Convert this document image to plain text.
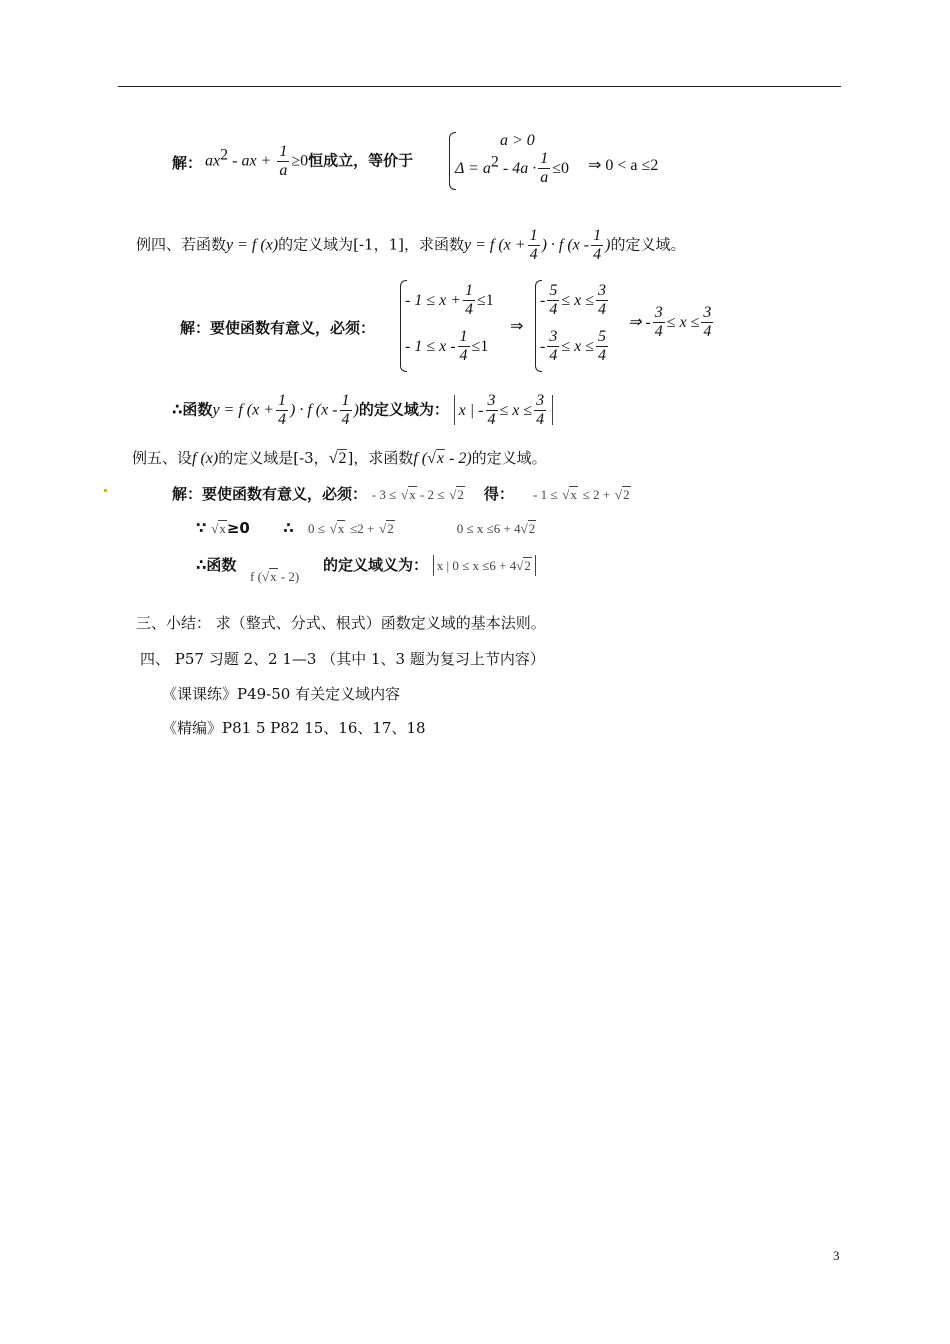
解： $ax^2$ - ax + $\frac{1}{a} \ge 0$恒成立，等价于
a > 0
$\Delta = a^2 - 4a \cdot \frac{1}{a} \le 0$ ⇒ 0 < a ≤2
例四、若函数y = f (x)的定义域为[-1，1]，求函数y = f ($x + \frac{1}{4}$ ) · f ($x - \frac{1}{4}$ )的定义域。
解：要使函数有意义，必须：
- $1 \le x + \frac{1}{4} \le 1$
- $1 \le x - \frac{1}{4} \le 1$
⇒
- $\frac{5}{4} \le x \le \frac{3}{4}$
- $\frac{3}{4} \le x \le \frac{5}{4}$
⇒ - $\frac{3}{4} \le x \le \frac{3}{4}$
∴函数y = f ($x + \frac{1}{4}$ ) · f ($x - \frac{1}{4}$ )的定义域为： x | - $\frac{3}{4} \le x \le \frac{3}{4}$
例五、设f (x)的定义域是[-3，√2]，求函数f (√x - 2)的定义域。
解：要使函数有意义，必须： - 3 ≤ √x - 2 ≤ √2 得： - 1 ≤ √x ≤ 2 + √2
∵ √x≥0 ∴ 0 ≤ √x ≤2 + √2	0 ≤ x ≤6 + 4√2
∴函数
f (√x - 2)
的定义域义为： x | 0 ≤ x ≤6 + 4√2
三、小结： 求（整式、分式、根式）函数定义域的基本法则。
四、 P57 习题 2、2 1—3 （其中 1、3 题为复习上节内容）
《课课练》P49-50 有关定义域内容
《精编》P81 5 P82 15、16、17、18
3
